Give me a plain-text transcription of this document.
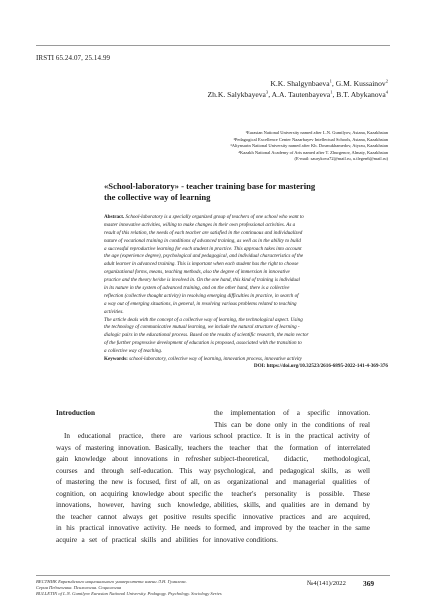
IRSTI 65.24.07, 25.14.99
K.K. Shalgynbaeva$^1$, G.M. Kussainov$^2$
Zh.K. Salykbayeva$^3$, A.A. Tautenbayeva$^1$, B.T. Abykanova$^4$
¹Eurasian National University named after L.N. Gumilyov, Astana, Kazakhstan
²Pedagogical Excellence Center Nazarbayev Intellectual Schools, Astana, Kazakhstan
³Altynsarin National University named after Kh. Dosmukhamedov, Atyrau, Kazakhstan
⁴Kazakh National Academy of Arts named after T. Zhurgenov, Almaty, Kazakhstan
(E-mail: saurykova72@mail.ru, u.tlegen6@mail.ru)
«School-laboratory» - teacher training base for mastering
the collective way of learning
Abstract. School-laboratory is a specially organized group of teachers of one school who want to
master innovative activities, willing to make changes in their own professional activities. As a
result of this relation, the needs of each teacher are satisfied in the continuous and individualized
nature of vocational training in conditions of advanced training, as well as in the ability to build
a successful reproductive learning for each student in practice. This approach takes into account
the age (experience degree), psychological and pedagogical, and individual characteristics of the
adult learner in advanced training. This is important when each student has the right to choose
organizational forms, means, teaching methods, also the degree of immersion in innovative
practice and the theory he/she is involved in. On the one hand, this kind of training is individual
in its nature in the system of advanced training, and on the other hand, there is a collective
reflection (collective thought activity) in resolving emerging difficulties in practice, in search of
a way out of emerging situations, in general, in resolving various problems related to teaching
activities.
The article deals with the concept of a collective way of learning, the technological aspect. Using
the technology of communicative mutual learning, we include the natural structure of learning -
dialogic pairs in the educational process. Based on the results of scientific research, the main vector
of the further progressive development of education is proposed, associated with the transition to
a collective way of teaching.
Keywords: school-laboratory, collective way of learning, innovation process, innovative activity
DOI: https://doi.org/10.32523/2616-6895-2022-141-4-369-376
Introduction
In educational practice, there are various
ways of mastering innovation. Basically, teachers
gain knowledge about innovations in refresher
courses and through self-education. This way
of mastering the new is focused, first of all, on
cognition, on acquiring knowledge about specific
innovations, however, having such knowledge,
the teacher cannot always get positive results
in his practical innovative activity. He needs to
acquire a set of practical skills and abilities for
the implementation of a specific innovation.
This can be done only in the conditions of real
school practice. It is in the practical activity of
the teacher that the formation of interrelated
subject-theoretical, didactic, methodological,
psychological, and pedagogical skills, as well
as organizational and managerial qualities of
the teacher's personality is possible. These
abilities, skills, and qualities are in demand by
specific innovative practices and are acquired,
formed, and improved by the teacher in the same
innovative conditions.
ВЕСТНИК Евразийского национального университета имени Л.Н. Гумилева.
Серия Педагогика. Психология. Социология
BULLETIN of L.N. Gumilyov Eurasian National University. Pedagogy. Psychology. Sociology Series
№4(141)/2022 369
